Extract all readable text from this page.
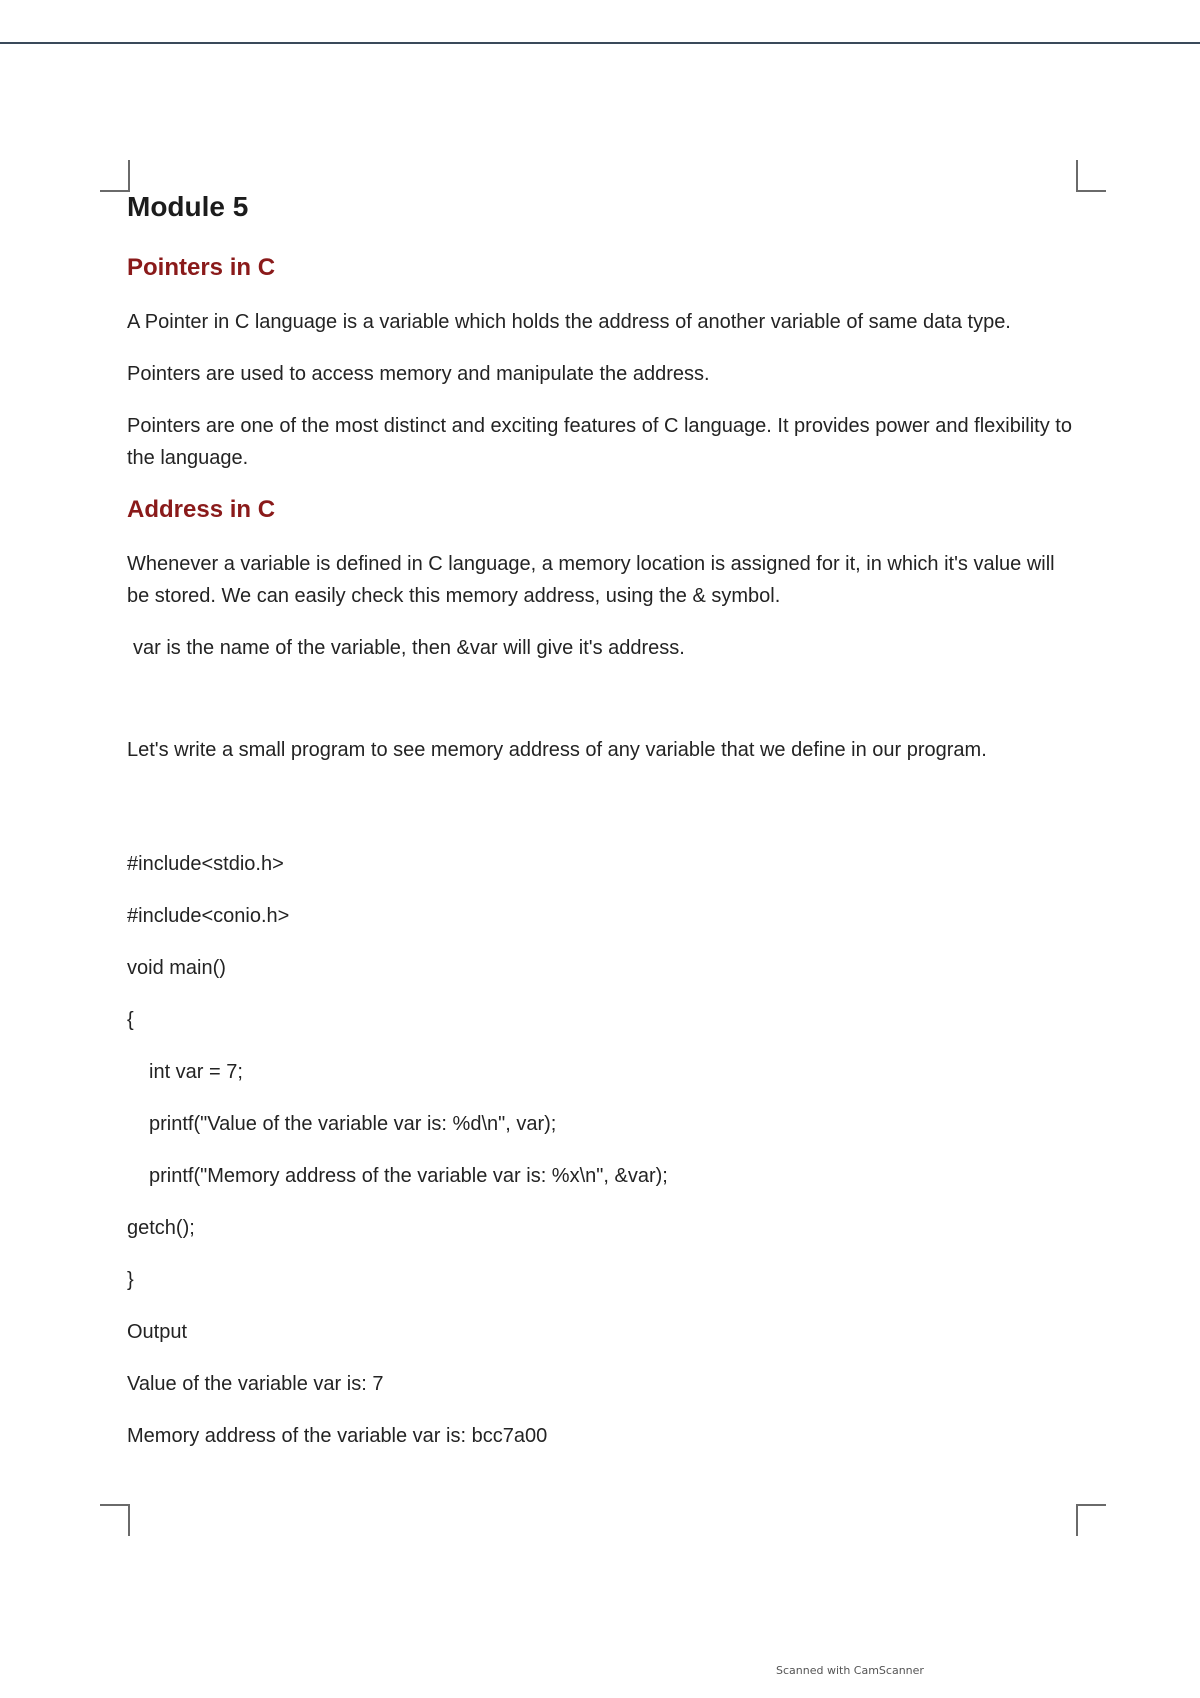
Module 5
Pointers in C

A Pointer in C language is a variable which holds the address of another variable of same data type.

Pointers are used to access memory and manipulate the address.

Pointers are one of the most distinct and exciting features of C language. It provides power and flexibility to the language.

Address in C

Whenever a variable is defined in C language, a memory location is assigned for it, in which it's value will be stored. We can easily check this memory address, using the & symbol.

var is the name of the variable, then &var will give it's address.

Let's write a small program to see memory address of any variable that we define in our program.

#include<stdio.h>
#include<conio.h>
void main()
{
int var = 7;
printf("Value of the variable var is: %d\n", var);
printf("Memory address of the variable var is: %x\n", &var);
getch();
}

Output

Value of the variable var is: 7

Memory address of the variable var is: bcc7a00

Scanned with CamScanner
